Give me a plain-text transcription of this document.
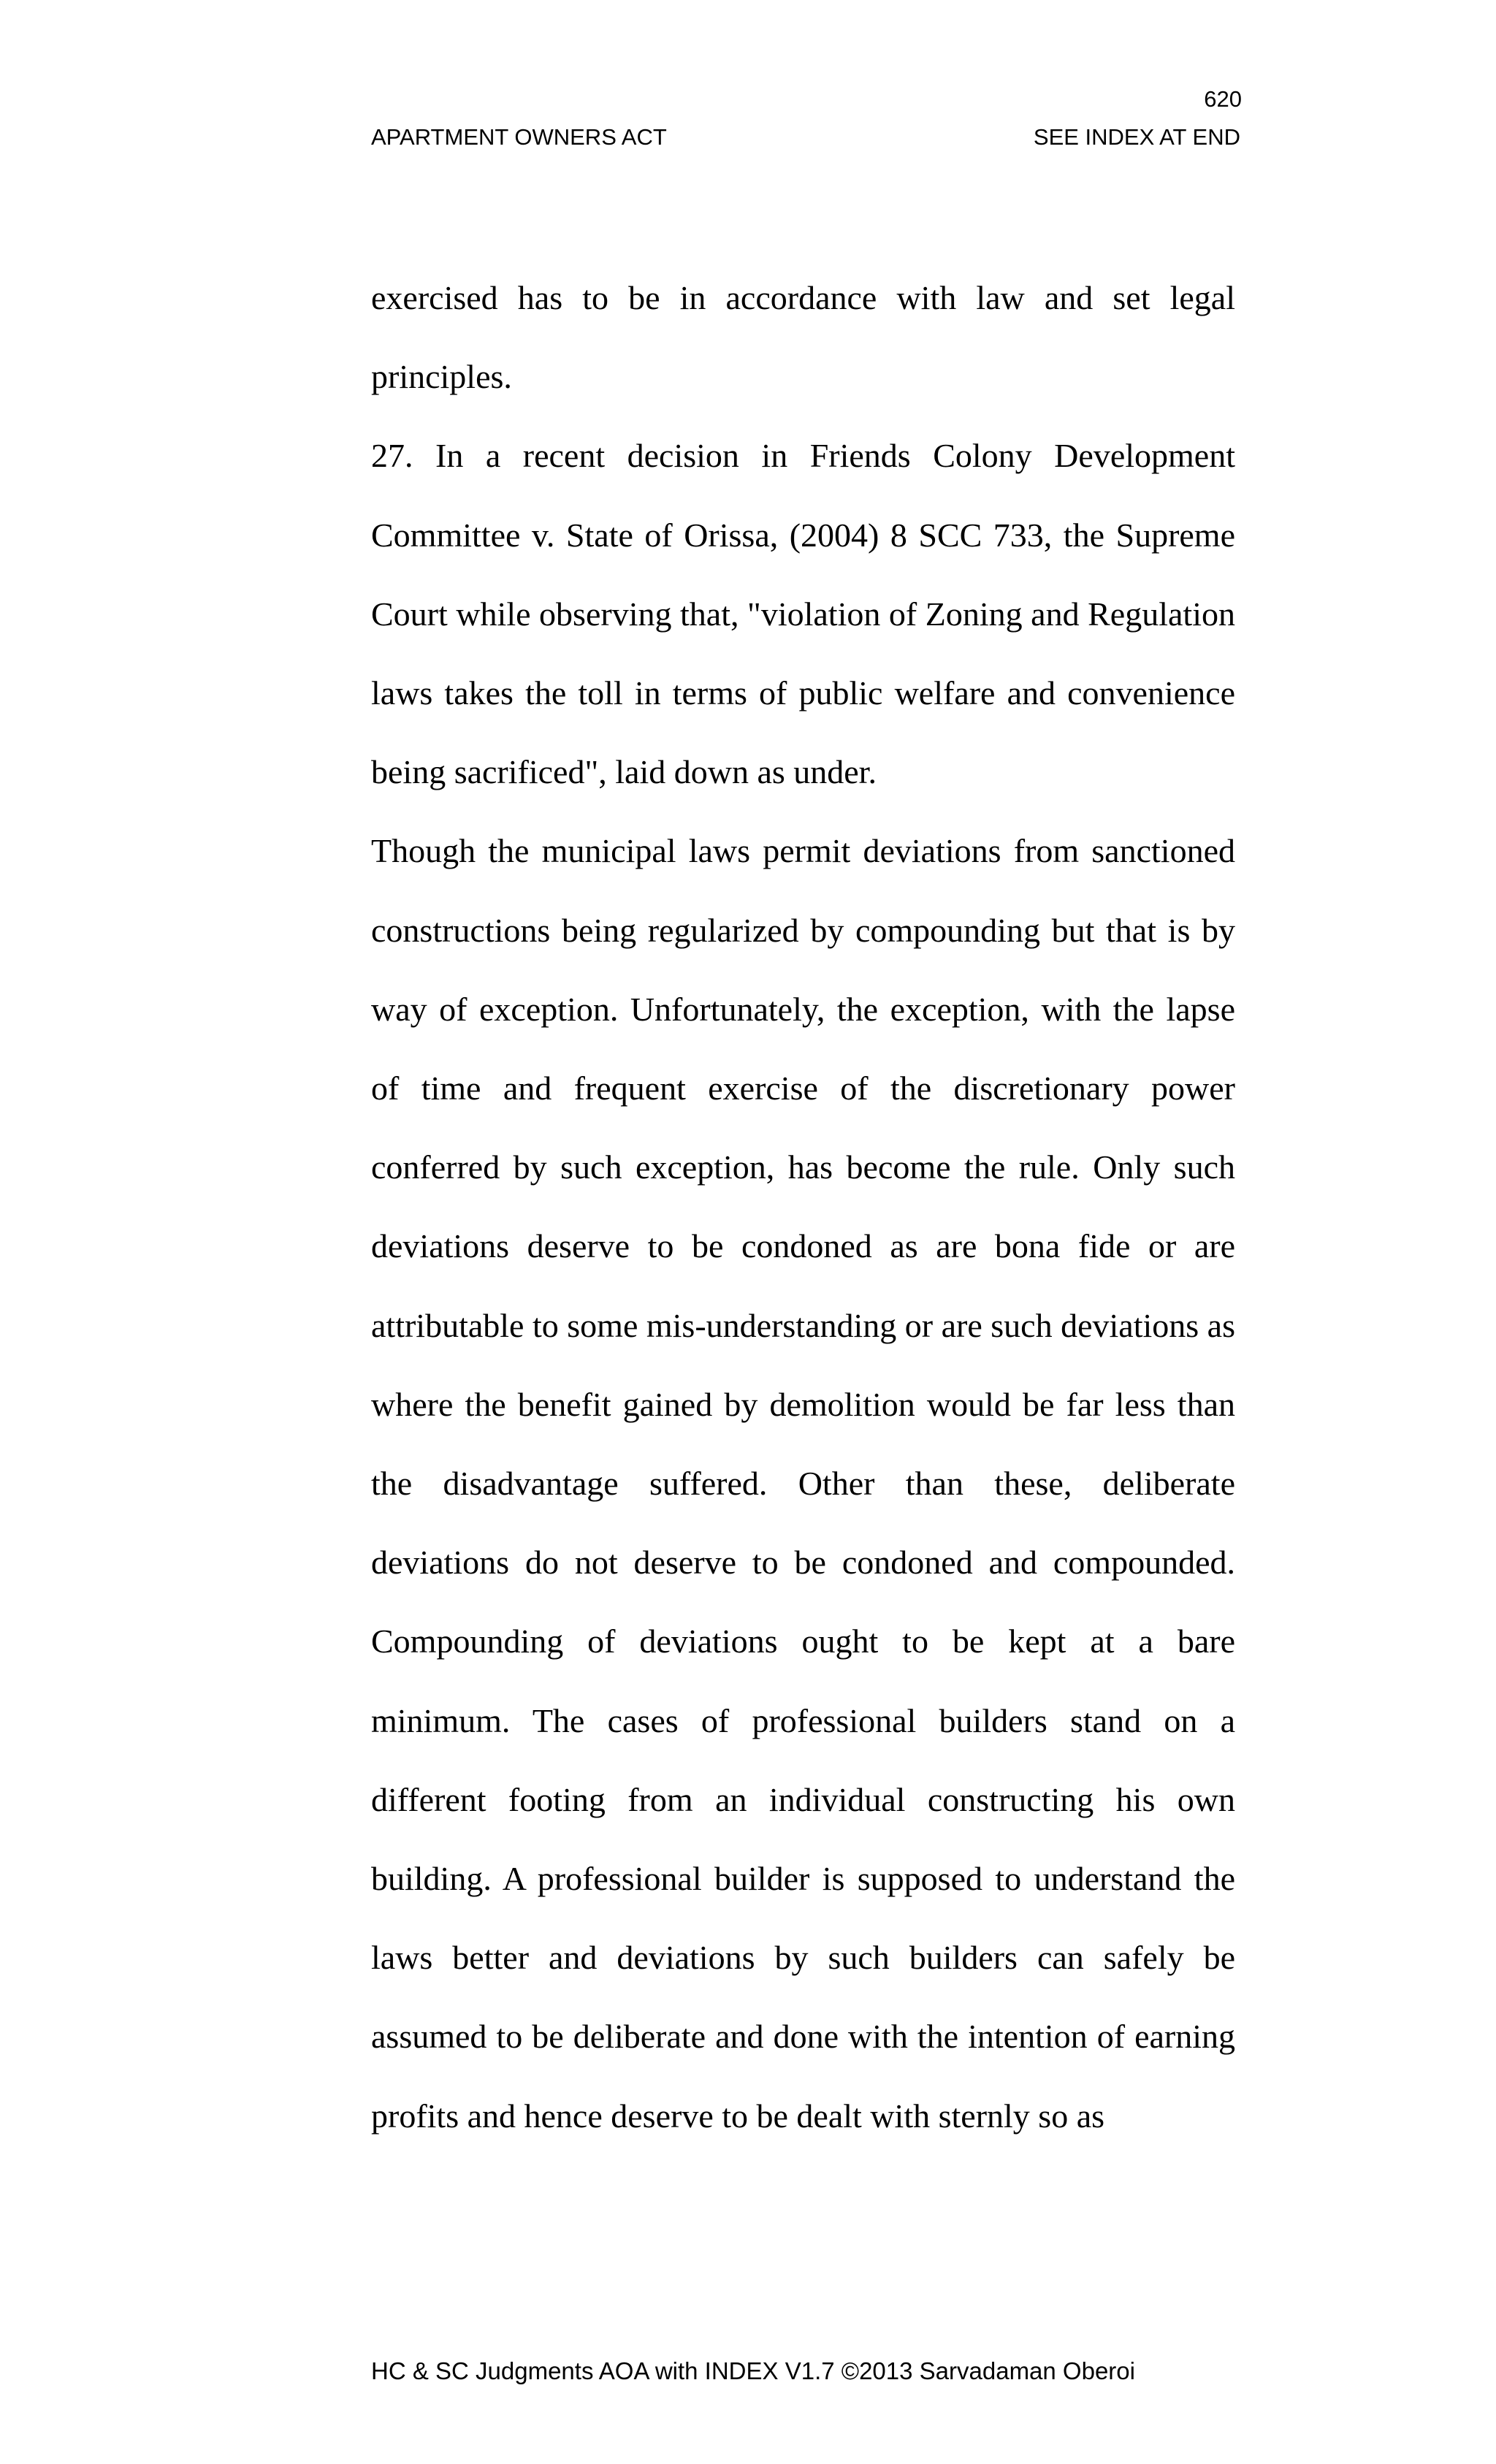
620
APARTMENT OWNERS ACT	SEE INDEX AT END

exercised has to be in accordance with law and set legal principles.

27. In a recent decision in Friends Colony Development Committee v. State of Orissa, (2004) 8 SCC 733, the Supreme Court while observing that, "violation of Zoning and Regulation laws takes the toll in terms of public welfare and convenience being sacrificed", laid down as under.

Though the municipal laws permit deviations from sanctioned constructions being regularized by compounding but that is by way of exception. Unfortunately, the exception, with the lapse of time and frequent exercise of the discretionary power conferred by such exception, has become the rule. Only such deviations deserve to be condoned as are bona fide or are attributable to some mis-understanding or are such deviations as where the benefit gained by demolition would be far less than the disadvantage suffered. Other than these, deliberate deviations do not deserve to be condoned and compounded. Compounding of deviations ought to be kept at a bare minimum. The cases of professional builders stand on a different footing from an individual constructing his own building. A professional builder is supposed to understand the laws better and deviations by such builders can safely be assumed to be deliberate and done with the intention of earning profits and hence deserve to be dealt with sternly so as

HC & SC Judgments AOA with INDEX V1.7 ©2013 Sarvadaman Oberoi
